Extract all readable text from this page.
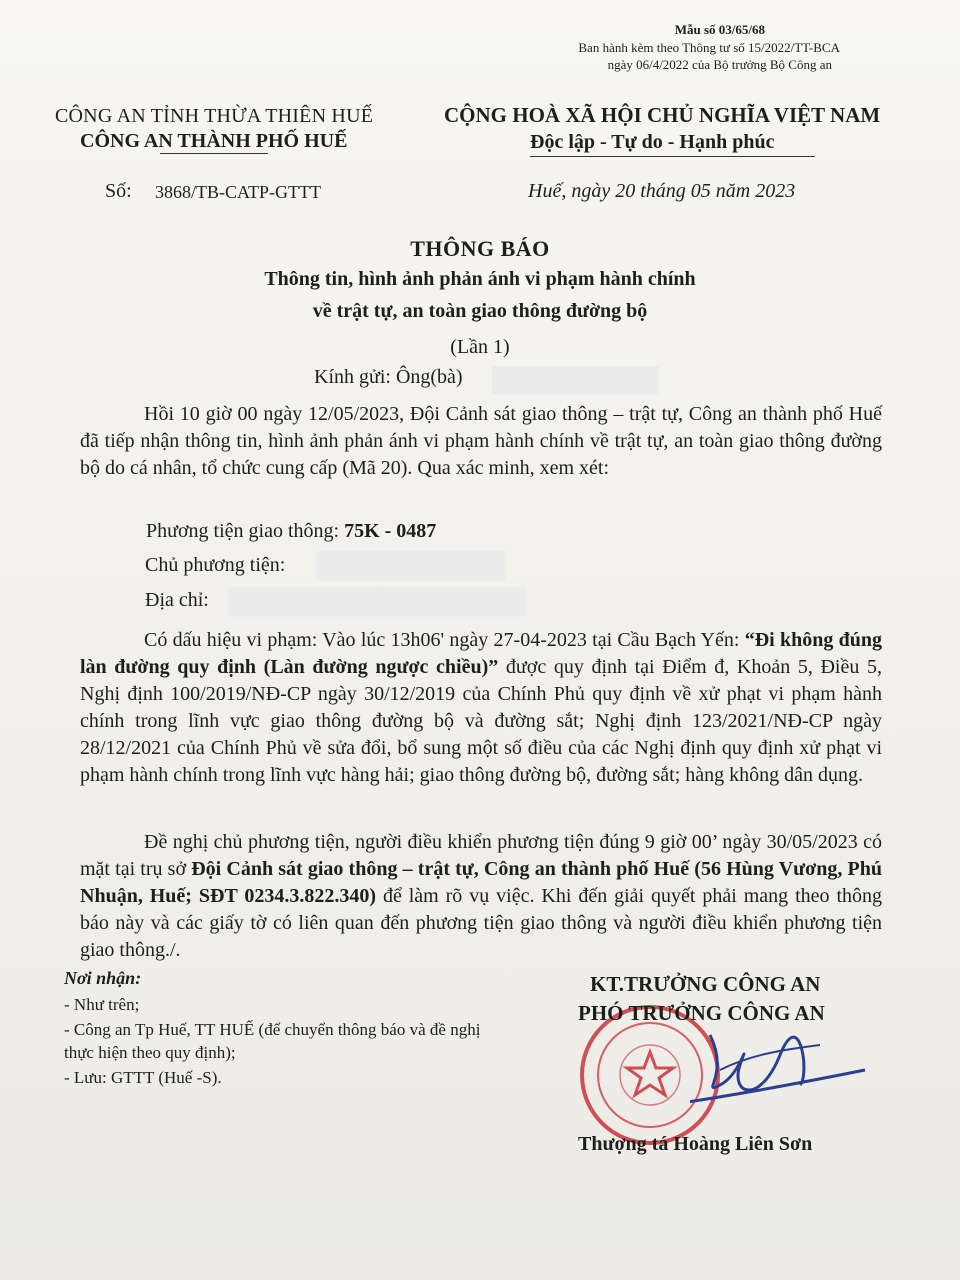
Mẫu số 03/65/68
Ban hành kèm theo Thông tư số 15/2022/TT-BCA
ngày 06/4/2022 của Bộ trưởng Bộ Công an
CÔNG AN TỈNH THỪA THIÊN HUẾ
CÔNG AN THÀNH PHỐ HUẾ
CỘNG HOÀ XÃ HỘI CHỦ NGHĨA VIỆT NAM
Độc lập - Tự do - Hạnh phúc
Số: 3868/TB-CATP-GTTT	Huế, ngày 20 tháng 05 năm 2023
THÔNG BÁO
Thông tin, hình ảnh phản ánh vi phạm hành chính
về trật tự, an toàn giao thông đường bộ
(Lần 1)
Kính gửi: Ông(bà)
Hồi 10 giờ 00 ngày 12/05/2023, Đội Cảnh sát giao thông – trật tự, Công an thành phố Huế đã tiếp nhận thông tin, hình ảnh phản ánh vi phạm hành chính về trật tự, an toàn giao thông đường bộ do cá nhân, tổ chức cung cấp (Mã 20). Qua xác minh, xem xét:
Phương tiện giao thông: 75K - 0487
Chủ phương tiện:
Địa chỉ:
Có dấu hiệu vi phạm: Vào lúc 13h06' ngày 27-04-2023 tại Cầu Bạch Yến: “Đi không đúng làn đường quy định (Làn đường ngược chiều)” được quy định tại Điểm đ, Khoản 5, Điều 5, Nghị định 100/2019/NĐ-CP ngày 30/12/2019 của Chính Phủ quy định về xử phạt vi phạm hành chính trong lĩnh vực giao thông đường bộ và đường sắt; Nghị định 123/2021/NĐ-CP ngày 28/12/2021 của Chính Phủ về sửa đổi, bổ sung một số điều của các Nghị định quy định xử phạt vi phạm hành chính trong lĩnh vực hàng hải; giao thông đường bộ, đường sắt; hàng không dân dụng.
Đề nghị chủ phương tiện, người điều khiển phương tiện đúng 9 giờ 00’ ngày 30/05/2023 có mặt tại trụ sở Đội Cảnh sát giao thông – trật tự, Công an thành phố Huế (56 Hùng Vương, Phú Nhuận, Huế; SĐT 0234.3.822.340) để làm rõ vụ việc. Khi đến giải quyết phải mang theo thông báo này và các giấy tờ có liên quan đến phương tiện giao thông và người điều khiển phương tiện giao thông./.
Nơi nhận:
- Như trên;
- Công an Tp Huế, TT HUẾ (để chuyển thông báo và đề nghị thực hiện theo quy định);
- Lưu: GTTT (Huế -S).
KT.TRƯỞNG CÔNG AN
PHÓ TRƯỞNG CÔNG AN
Thượng tá Hoàng Liên Sơn
